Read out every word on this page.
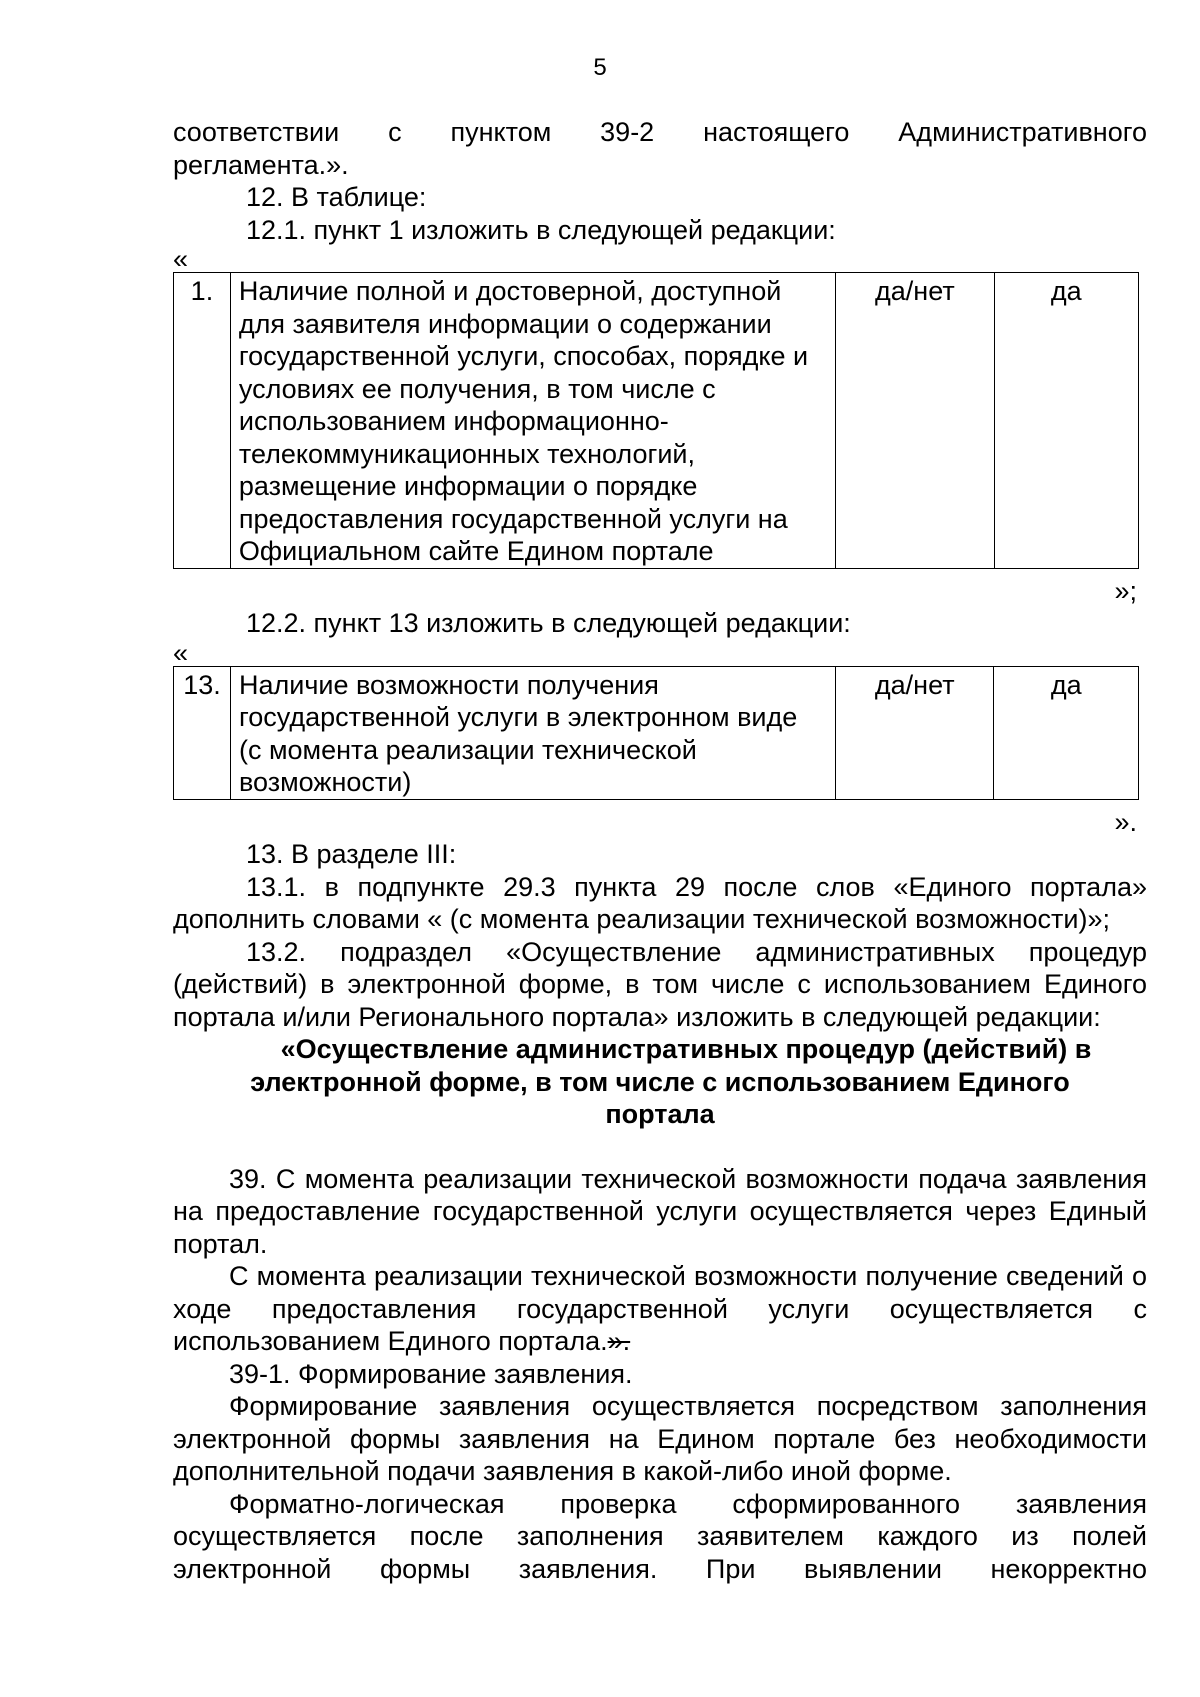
5

соответствии с пунктом 39-2 настоящего Административного

регламента.».

12. В таблице:

12.1. пункт 1 изложить в следующей редакции:

«

1.	Наличие полной и достоверной, доступной для заявителя информации о содержании государственной услуги, способах, порядке и условиях ее получения, в том числе с использованием информационно-телекоммуникационных технологий, размещение информации о порядке предоставления государственной услуги на Официальном сайте Едином портале	да/нет	да

»;

12.2. пункт 13 изложить в следующей редакции:

«

13.	Наличие возможности получения государственной услуги в электронном виде (с момента реализации технической возможности)	да/нет	да

».

13. В разделе III:

13.1. в подпункте 29.3 пункта 29 после слов «Единого портала» дополнить словами « (с момента реализации технической возможности)»;

13.2. подраздел «Осуществление административных процедур (действий) в электронной форме, в том числе с использованием Единого портала и/или Регионального портала» изложить в следующей редакции:

«Осуществление административных процедур (действий) в
электронной форме, в том числе с использованием Единого
портала

39. С момента реализации технической возможности подача заявления на предоставление государственной услуги осуществляется через Единый портал.

С момента реализации технической возможности получение сведений о ходе предоставления государственной услуги осуществляется с использованием Единого портала.».

39-1. Формирование заявления.

Формирование заявления осуществляется посредством заполнения электронной формы заявления на Едином портале без необходимости дополнительной подачи заявления в какой-либо иной форме.

Форматно-логическая проверка сформированного заявления осуществляется после заполнения заявителем каждого из полей электронной формы заявления. При выявлении некорректно
